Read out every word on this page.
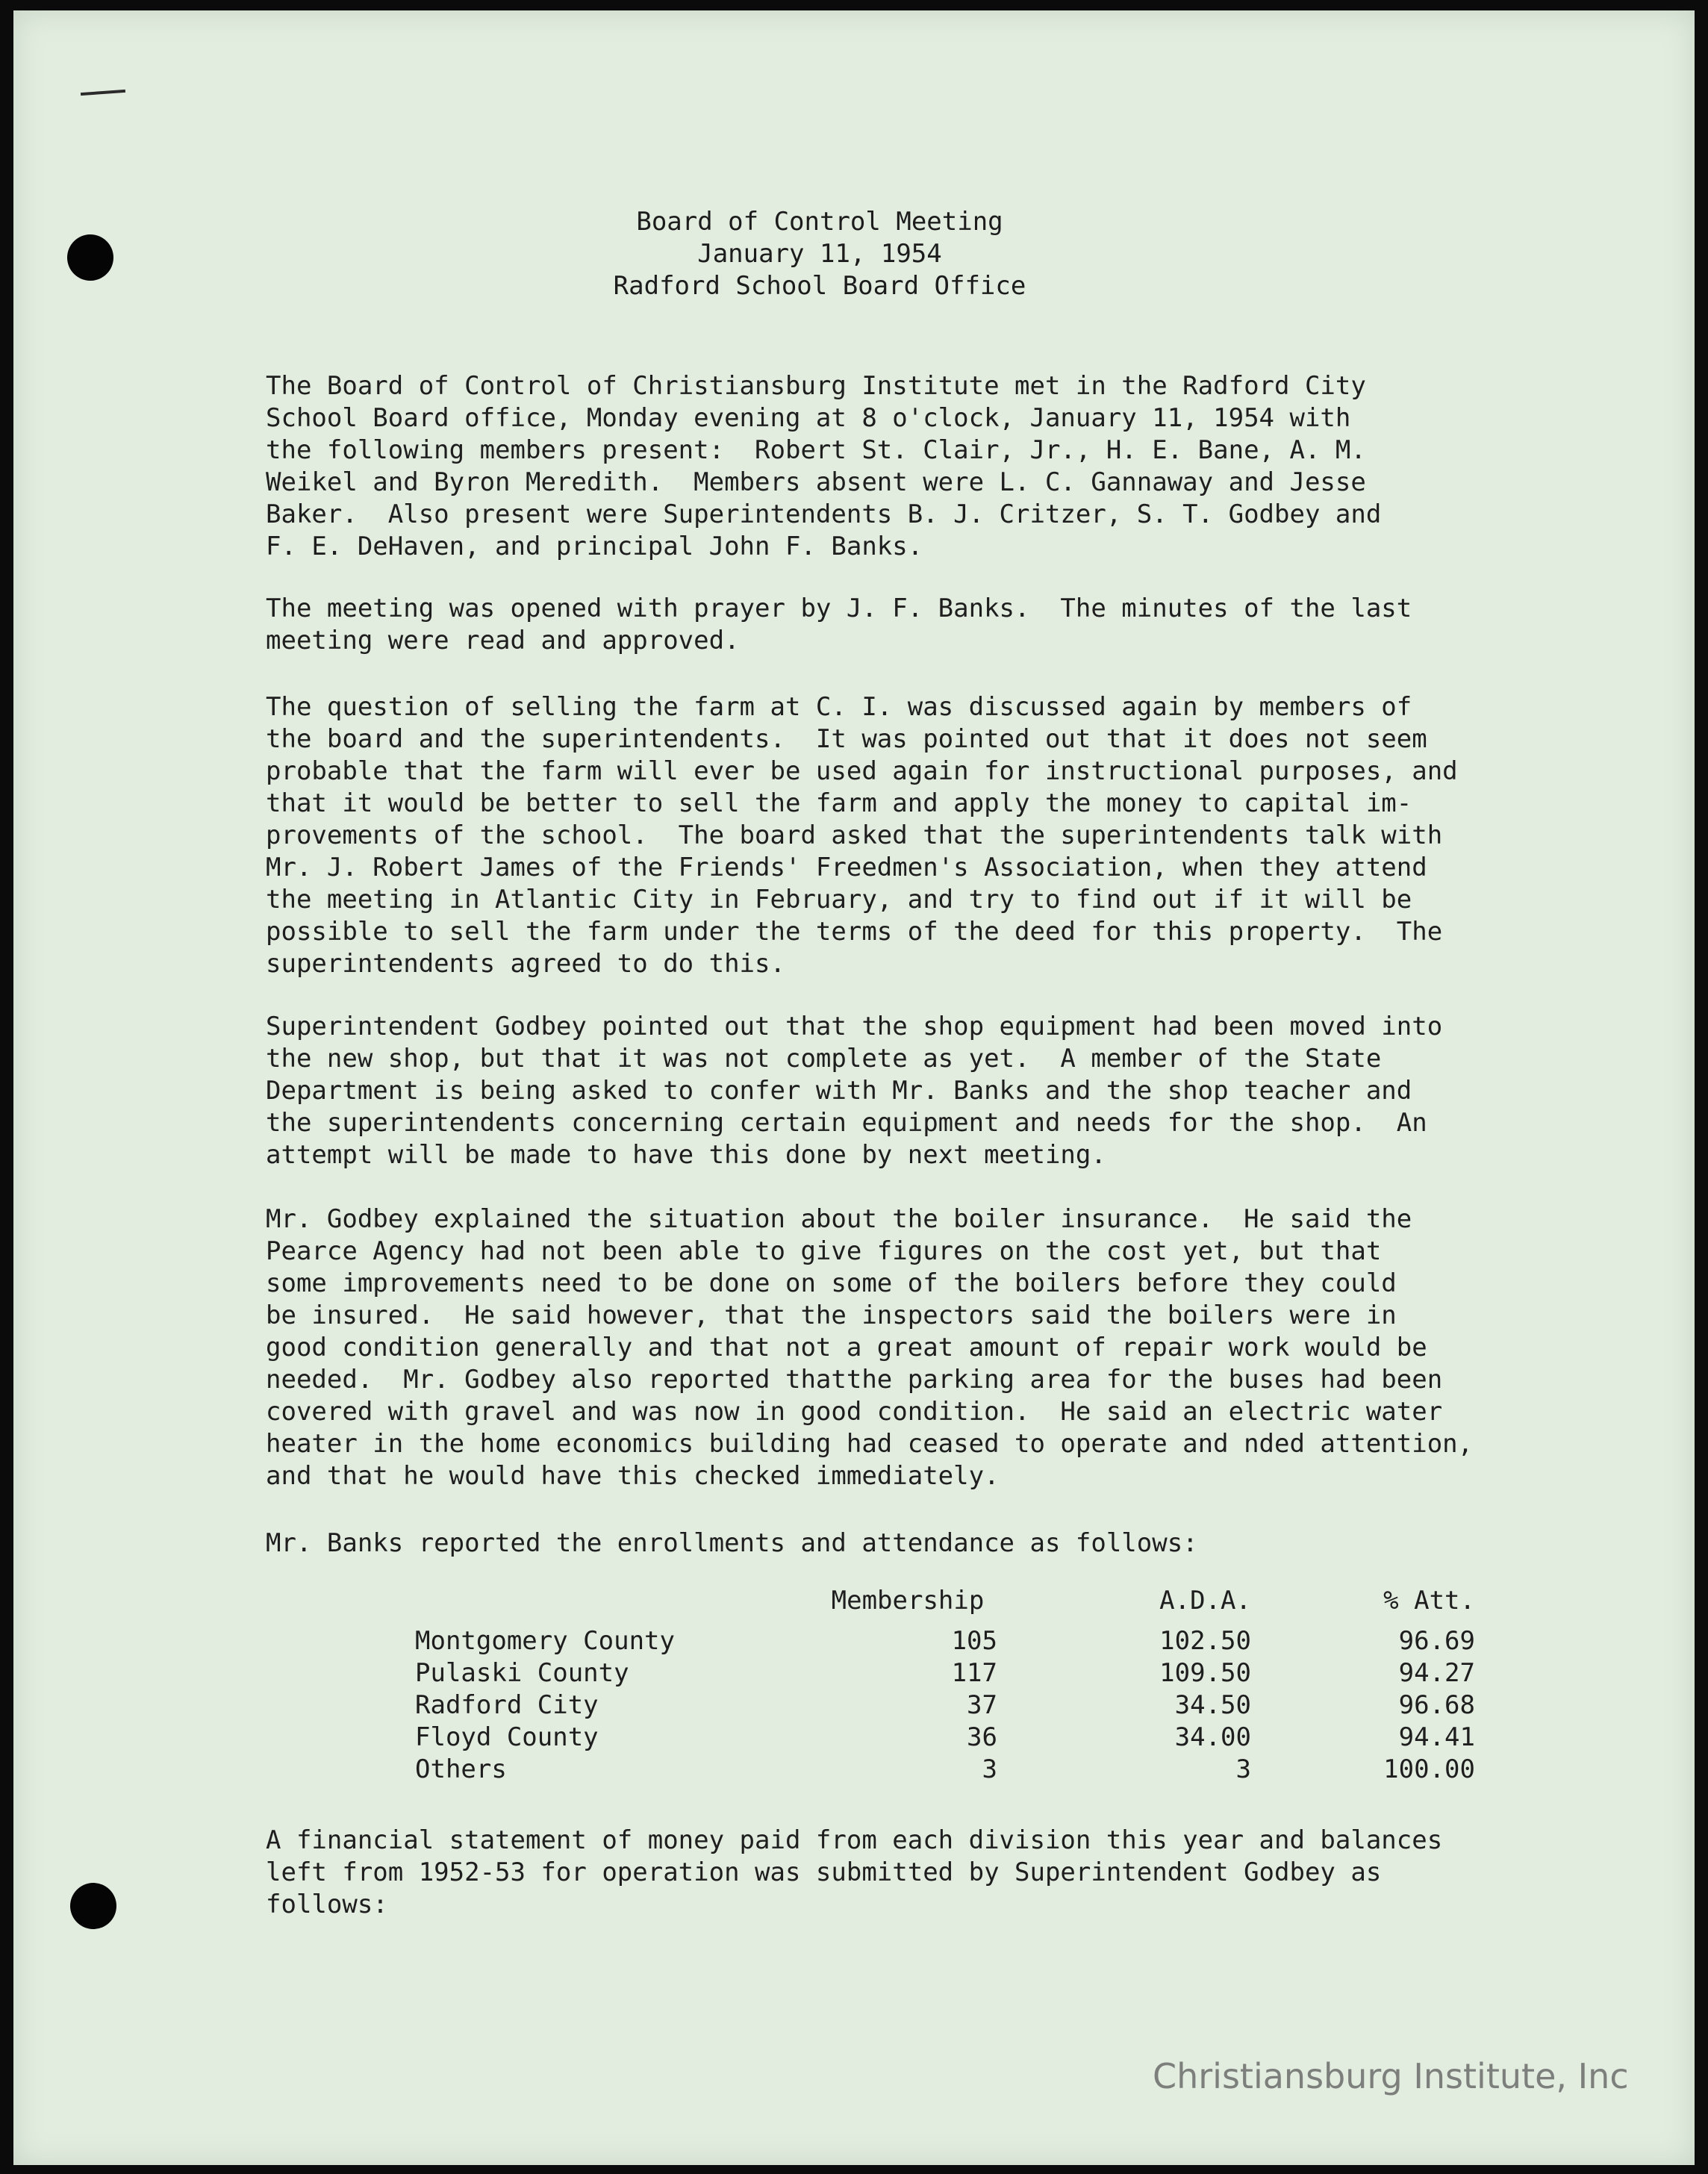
Board of Control Meeting
January 11, 1954
Radford School Board Office

The Board of Control of Christiansburg Institute met in the Radford City

School Board office, Monday evening at 8 o'clock, January 11, 1954 with

the following members present:  Robert St. Clair, Jr., H. E. Bane, A. M.

Weikel and Byron Meredith.  Members absent were L. C. Gannaway and Jesse

Baker.  Also present were Superintendents B. J. Critzer, S. T. Godbey and

F. E. DeHaven, and principal John F. Banks.

The meeting was opened with prayer by J. F. Banks.  The minutes of the last

meeting were read and approved.

The question of selling the farm at C. I. was discussed again by members of

the board and the superintendents.  It was pointed out that it does not seem

probable that the farm will ever be used again for instructional purposes, and

that it would be better to sell the farm and apply the money to capital im-

provements of the school.  The board asked that the superintendents talk with

Mr. J. Robert James of the Friends' Freedmen's Association, when they attend

the meeting in Atlantic City in February, and try to find out if it will be

possible to sell the farm under the terms of the deed for this property.  The

superintendents agreed to do this.

Superintendent Godbey pointed out that the shop equipment had been moved into

the new shop, but that it was not complete as yet.  A member of the State

Department is being asked to confer with Mr. Banks and the shop teacher and

the superintendents concerning certain equipment and needs for the shop.  An

attempt will be made to have this done by next meeting.

Mr. Godbey explained the situation about the boiler insurance.  He said the

Pearce Agency had not been able to give figures on the cost yet, but that

some improvements need to be done on some of the boilers before they could

be insured.  He said however, that the inspectors said the boilers were in

good condition generally and that not a great amount of repair work would be

needed.  Mr. Godbey also reported thatthe parking area for the buses had been

covered with gravel and was now in good condition.  He said an electric water

heater in the home economics building had ceased to operate and nded attention,

and that he would have this checked immediately.

Mr. Banks reported the enrollments and attendance as follows:

	Membership	A.D.A.	% Att.
Montgomery County	105	102.50	96.69
Pulaski County	117	109.50	94.27
Radford City	37	34.50	96.68
Floyd County	36	34.00	94.41
Others	3	3	100.00

A financial statement of money paid from each division this year and balances

left from 1952-53 for operation was submitted by Superintendent Godbey as

follows:

Christiansburg Institute, Inc
